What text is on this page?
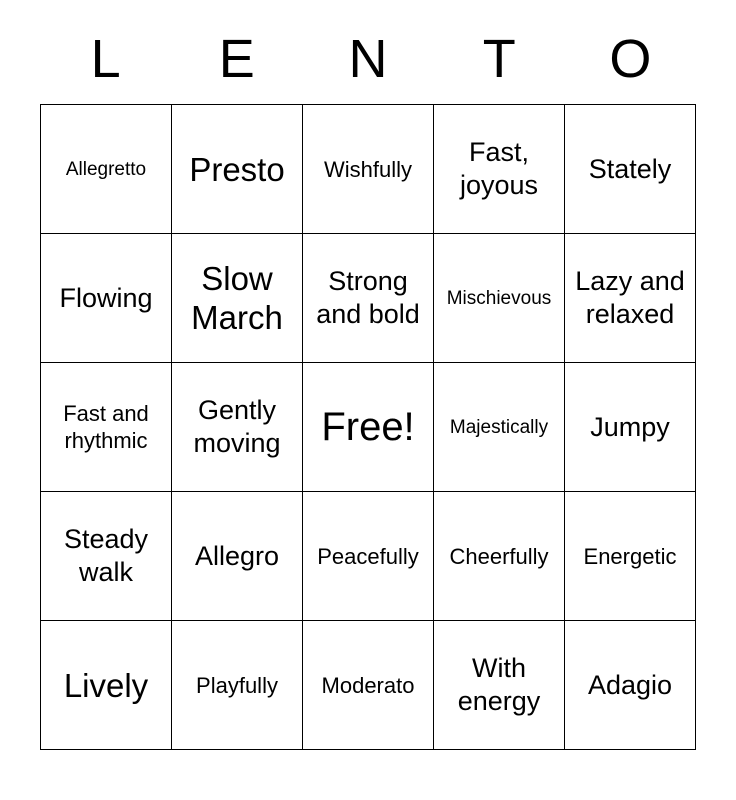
L	E	N	T	O
Allegretto	Presto	Wishfully	Fast, joyous	Stately
Flowing	Slow March	Strong and bold	Mischievous	Lazy and relaxed
Fast and rhythmic	Gently moving	Free!	Majestically	Jumpy
Steady walk	Allegro	Peacefully	Cheerfully	Energetic
Lively	Playfully	Moderato	With energy	Adagio
